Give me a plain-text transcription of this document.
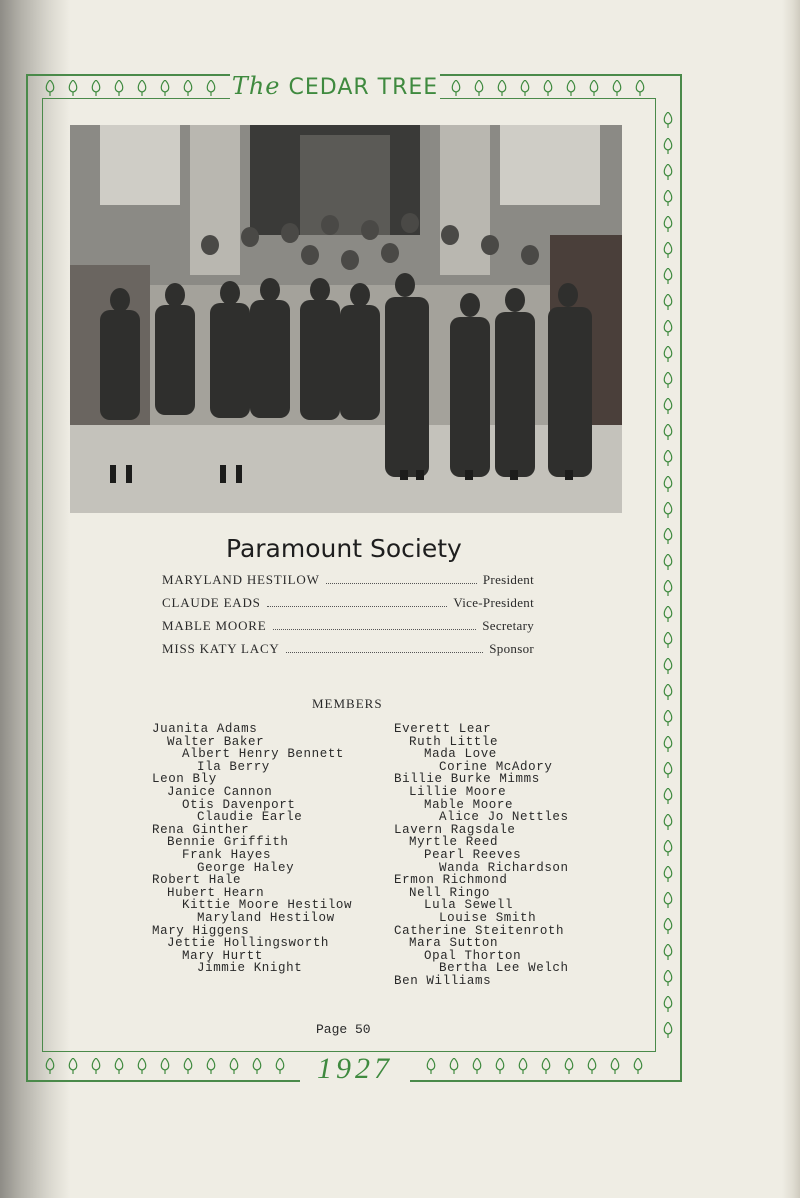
The CEDAR TREE
Paramount Society
MARYLAND HESTILOW	President
CLAUDE EADS	Vice-President
MABLE MOORE	Secretary
MISS KATY LACY	Sponsor
MEMBERS
Juanita Adams
Walter Baker
Albert Henry Bennett
Ila Berry
Leon Bly
Janice Cannon
Otis Davenport
Claudie Earle
Rena Ginther
Bennie Griffith
Frank Hayes
George Haley
Robert Hale
Hubert Hearn
Kittie Moore Hestilow
Maryland Hestilow
Mary Higgens
Jettie Hollingsworth
Mary Hurtt
Jimmie Knight
Everett Lear
Ruth Little
Mada Love
Corine McAdory
Billie Burke Mimms
Lillie Moore
Mable Moore
Alice Jo Nettles
Lavern Ragsdale
Myrtle Reed
Pearl Reeves
Wanda Richardson
Ermon Richmond
Nell Ringo
Lula Sewell
Louise Smith
Catherine Steitenroth
Mara Sutton
Opal Thorton
Bertha Lee Welch
Ben Williams
Page 50
1927
